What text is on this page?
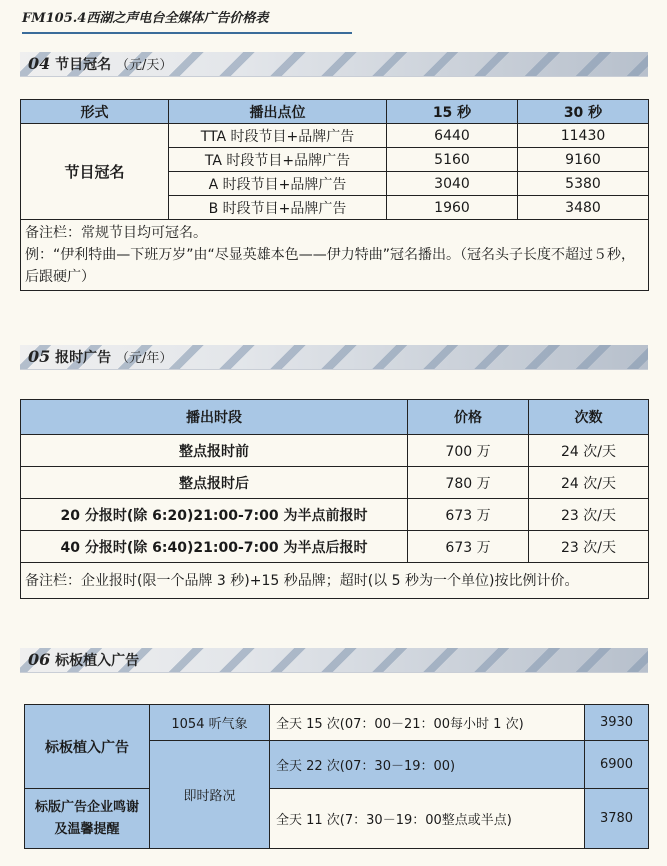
FM105.4西湖之声电台全媒体广告价格表
04 节目冠名 （元/天）
形式	播出点位	15 秒	30 秒
节目冠名	TTA 时段节目+品牌广告	6440	11430
	TA 时段节目+品牌广告	5160	9160
	A 时段节目+品牌广告	3040	5380
	B 时段节目+品牌广告	1960	3480

备注栏：常规节目均可冠名。
例：“伊利特曲—下班万岁”由“尽显英雄本色——伊力特曲”冠名播出。（冠名头子长度不超过５秒，后跟硬广）			
05 报时广告 （元/年）
播出时段	价格	次数
整点报时前	700 万	24 次/天
整点报时后	780 万	24 次/天
20 分报时(除 6:20)21:00-7:00 为半点前报时	673 万	23 次/天
40 分报时(除 6:40)21:00-7:00 为半点后报时	673 万	23 次/天
备注栏：企业报时(限一个品牌 3 秒)+15 秒品牌；超时(以 5 秒为一个单位)按比例计价。		
06 标板植入广告
标板植入广告	1054 听气象	全天 15 次(07：00－21：00每小时 1 次)	3930
	即时路况	全天 22 次(07：30－19：00)	6900
标版广告企业鸣谢及温馨提醒		全天 11 次(7：30－19：00整点或半点)	3780
